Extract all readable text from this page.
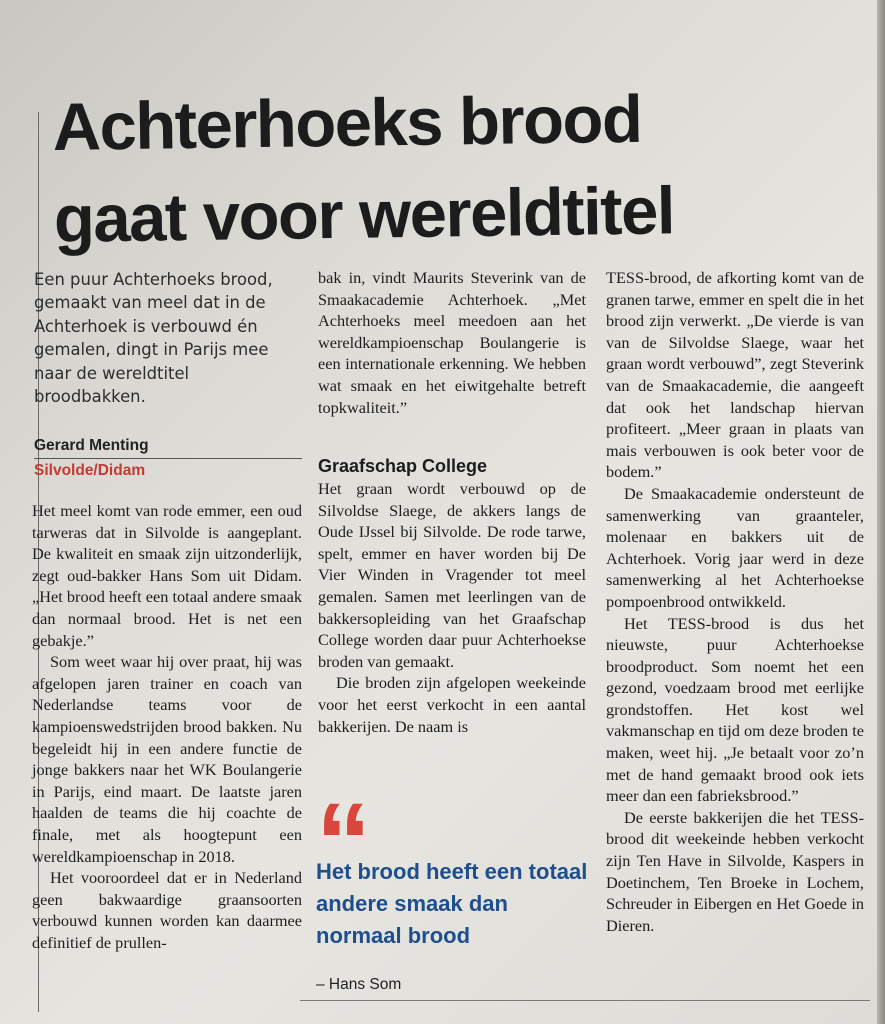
Achterhoeks brood
gaat voor wereldtitel

Een puur Achterhoeks brood, gemaakt van meel dat in de Achterhoek is verbouwd én gemalen, dingt in Parijs mee naar de wereldtitel broodbakken.

Gerard Menting
Silvolde/Didam

Het meel komt van rode emmer, een oud tarweras dat in Silvolde is aangeplant. De kwaliteit en smaak zijn uitzonderlijk, zegt oud-bakker Hans Som uit Didam. „Het brood heeft een totaal andere smaak dan normaal brood. Het is net een gebakje.”

Som weet waar hij over praat, hij was afgelopen jaren trainer en coach van Nederlandse teams voor de kampioenswedstrijden brood bakken. Nu begeleidt hij in een andere functie de jonge bakkers naar het WK Boulangerie in Parijs, eind maart. De laatste jaren haalden de teams die hij coachte de finale, met als hoogtepunt een wereldkampioenschap in 2018.

Het vooroordeel dat er in Nederland geen bakwaardige graansoorten verbouwd kunnen worden kan daarmee definitief de prullen-

bak in, vindt Maurits Steverink van de Smaakacademie Achterhoek. „Met Achterhoeks meel meedoen aan het wereldkampioenschap Boulangerie is een internationale erkenning. We hebben wat smaak en het eiwitgehalte betreft topkwaliteit.”

Graafschap College

Het graan wordt verbouwd op de Silvoldse Slaege, de akkers langs de Oude IJssel bij Silvolde. De rode tarwe, spelt, emmer en haver worden bij De Vier Winden in Vragender tot meel gemalen. Samen met leerlingen van de bakkersopleiding van het Graafschap College worden daar puur Achterhoekse broden van gemaakt.

Die broden zijn afgelopen weekeinde voor het eerst verkocht in een aantal bakkerijen. De naam is

TESS-brood, de afkorting komt van de granen tarwe, emmer en spelt die in het brood zijn verwerkt. „De vierde is van van de Silvoldse Slaege, waar het graan wordt verbouwd”, zegt Steverink van de Smaakacademie, die aangeeft dat ook het landschap hiervan profiteert. „Meer graan in plaats van mais verbouwen is ook beter voor de bodem.”

De Smaakacademie ondersteunt de samenwerking van graanteler, molenaar en bakkers uit de Achterhoek. Vorig jaar werd in deze samenwerking al het Achterhoekse pompoenbrood ontwikkeld.

Het TESS-brood is dus het nieuwste, puur Achterhoekse broodproduct. Som noemt het een gezond, voedzaam brood met eerlijke grondstoffen. Het kost wel vakmanschap en tijd om deze broden te maken, weet hij. „Je betaalt voor zo’n met de hand gemaakt brood ook iets meer dan een fabrieksbrood.”

De eerste bakkerijen die het TESS-brood dit weekeinde hebben verkocht zijn Ten Have in Silvolde, Kaspers in Doetinchem, Ten Broeke in Lochem, Schreuder in Eibergen en Het Goede in Dieren.

“

Het brood heeft een totaal andere smaak dan normaal brood

– Hans Som
